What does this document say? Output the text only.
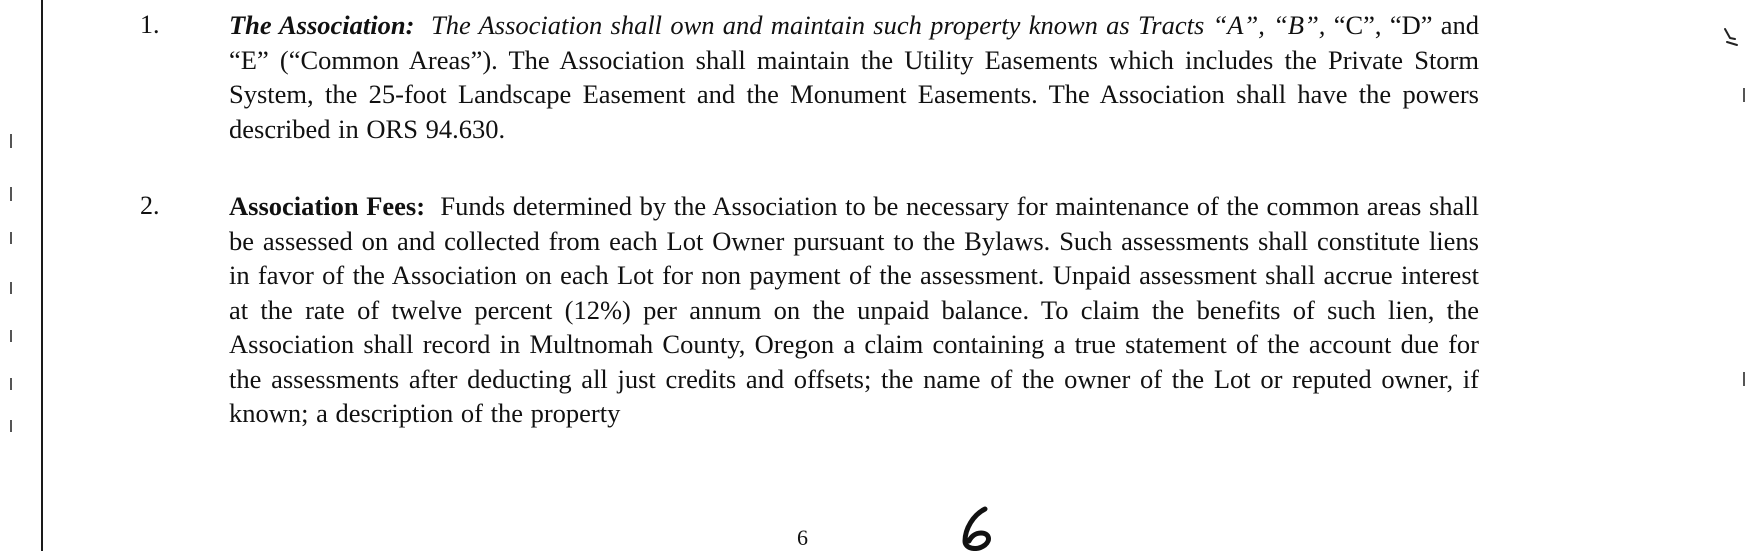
1.	The Association: The Association shall own and maintain such property known as Tracts “A”, “B”, “C”, “D” and “E” (“Common Areas”). The Association shall maintain the Utility Easements which includes the Private Storm System, the 25-foot Landscape Easement and the Monument Easements. The Association shall have the powers described in ORS 94.630.
2.	Association Fees: Funds determined by the Association to be necessary for maintenance of the common areas shall be assessed on and collected from each Lot Owner pursuant to the Bylaws. Such assessments shall constitute liens in favor of the Association on each Lot for non payment of the assessment. Unpaid assessment shall accrue interest at the rate of twelve percent (12%) per annum on the unpaid balance. To claim the benefits of such lien, the Association shall record in Multnomah County, Oregon a claim containing a true statement of the account due for the assessments after deducting all just credits and offsets; the name of the owner of the Lot or reputed owner, if known; a description of the property
6
